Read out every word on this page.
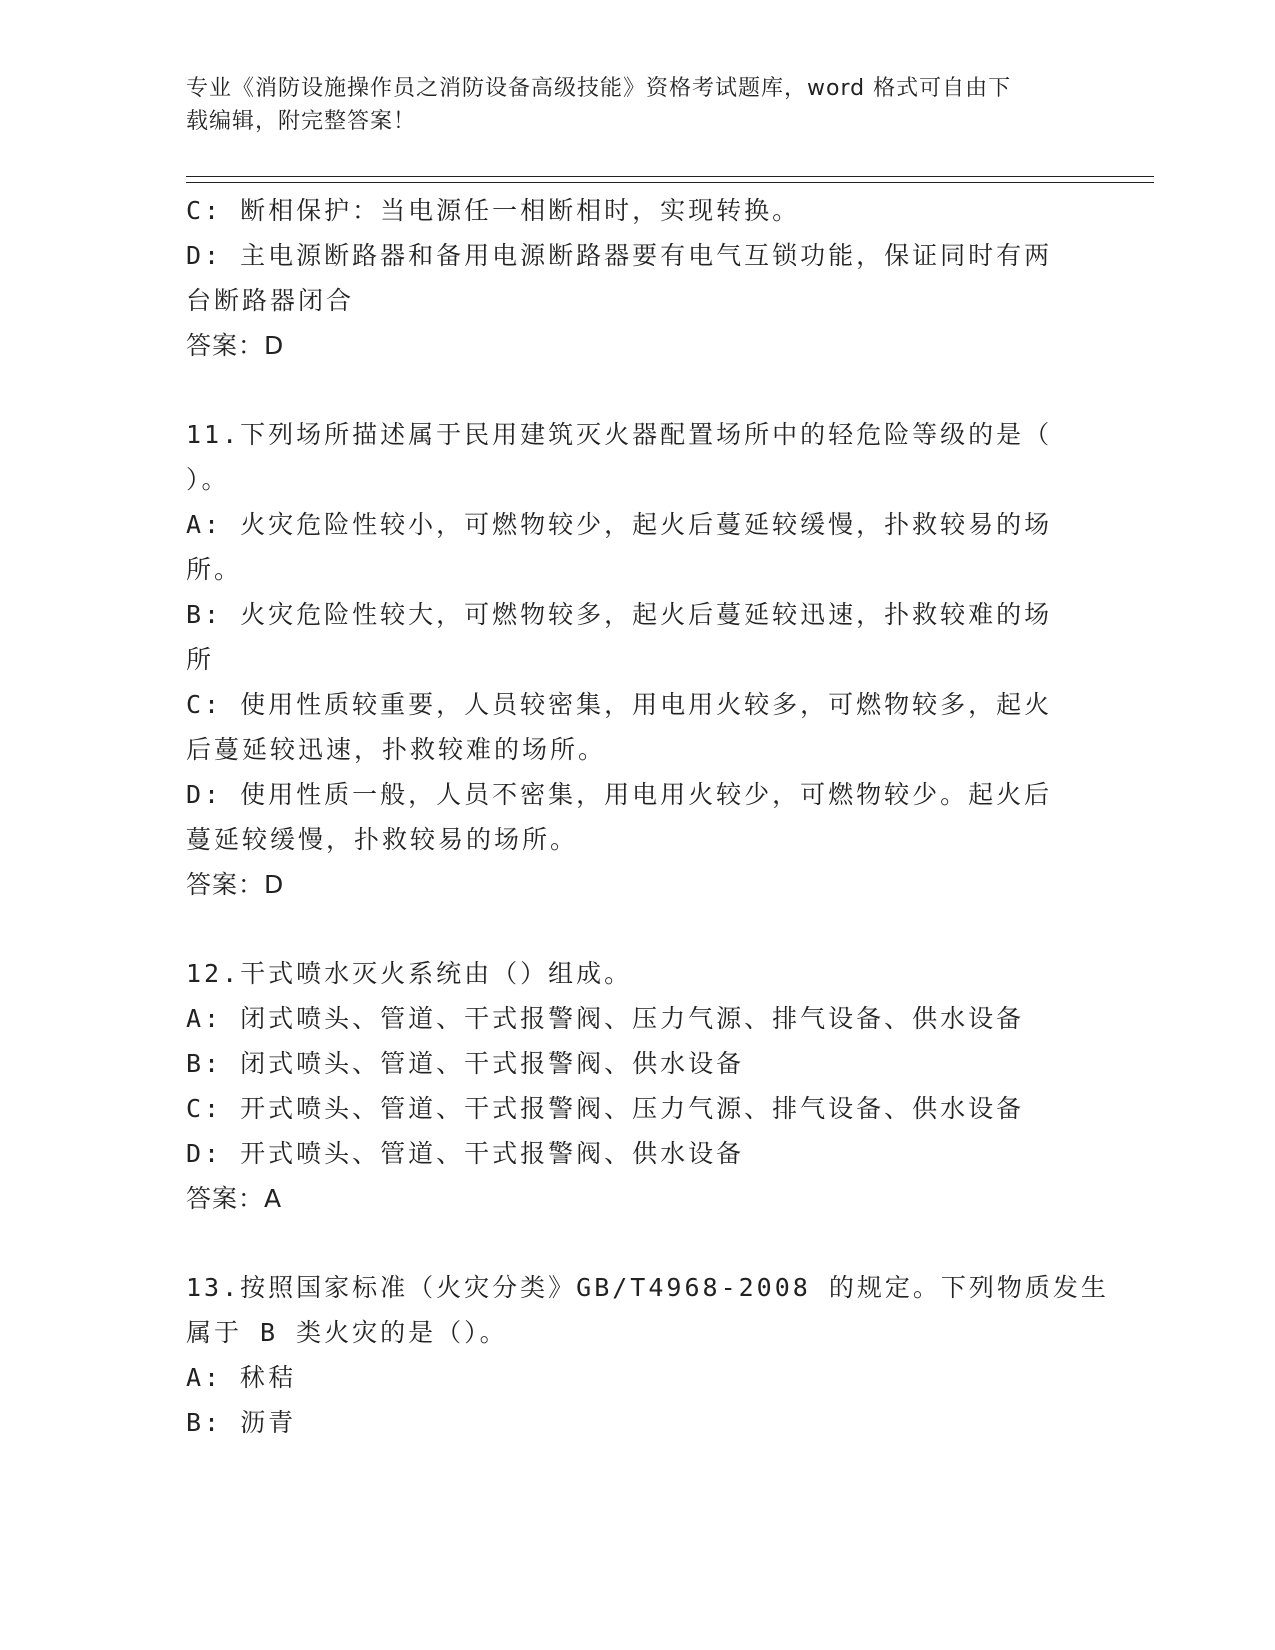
专业《消防设施操作员之消防设备高级技能》资格考试题库，word 格式可自由下
载编辑，附完整答案！
C: 断相保护：当电源任一相断相时，实现转换。
D: 主电源断路器和备用电源断路器要有电气互锁功能，保证同时有两
台断路器闭合
答案：D
11.下列场所描述属于民用建筑灭火器配置场所中的轻危险等级的是（
）。
A: 火灾危险性较小，可燃物较少，起火后蔓延较缓慢，扑救较易的场
所。
B: 火灾危险性较大，可燃物较多，起火后蔓延较迅速，扑救较难的场
所
C: 使用性质较重要，人员较密集，用电用火较多，可燃物较多，起火
后蔓延较迅速，扑救较难的场所。
D: 使用性质一般，人员不密集，用电用火较少，可燃物较少。起火后
蔓延较缓慢，扑救较易的场所。
答案：D
12.干式喷水灭火系统由（）组成。
A: 闭式喷头、管道、干式报警阀、压力气源、排气设备、供水设备
B: 闭式喷头、管道、干式报警阀、供水设备
C: 开式喷头、管道、干式报警阀、压力气源、排气设备、供水设备
D: 开式喷头、管道、干式报警阀、供水设备
答案：A
13.按照国家标准（火灾分类》GB/T4968-2008 的规定。下列物质发生
属于 B 类火灾的是（）。
A: 秫秸
B: 沥青
